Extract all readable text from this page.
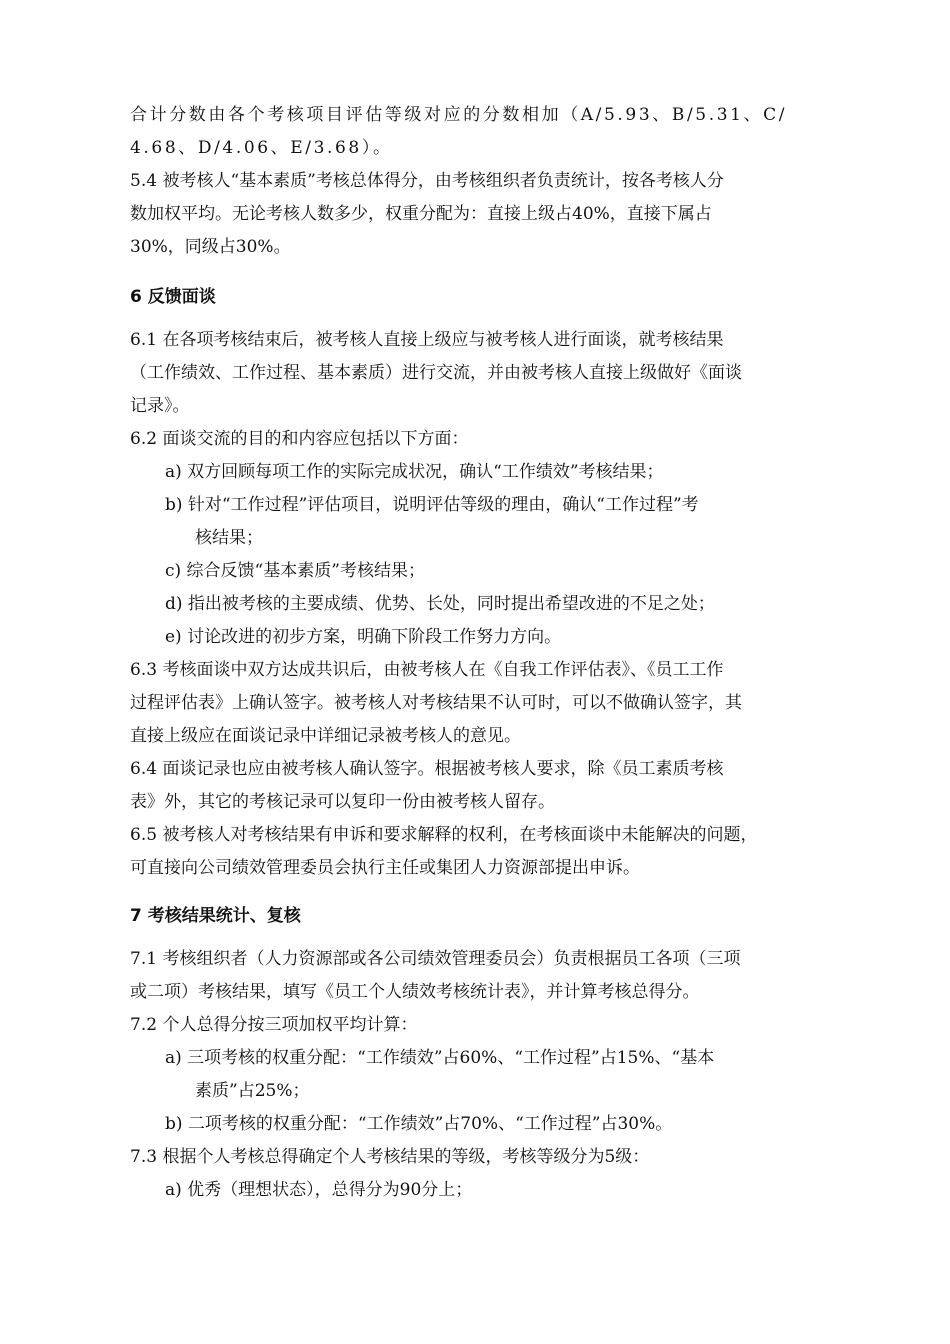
合计分数由各个考核项目评估等级对应的分数相加（A/5.93、B/5.31、C/
4.68、D/4.06、E/3.68）。
5.4 被考核人“基本素质”考核总体得分，由考核组织者负责统计，按各考核人分
数加权平均。无论考核人数多少，权重分配为：直接上级占40%，直接下属占
30%，同级占30%。
6 反馈面谈
6.1 在各项考核结束后，被考核人直接上级应与被考核人进行面谈，就考核结果
（工作绩效、工作过程、基本素质）进行交流，并由被考核人直接上级做好《面谈
记录》。
6.2 面谈交流的目的和内容应包括以下方面：
a) 双方回顾每项工作的实际完成状况，确认“工作绩效”考核结果；
b) 针对“工作过程”评估项目，说明评估等级的理由，确认“工作过程”考
核结果；
c) 综合反馈“基本素质”考核结果；
d) 指出被考核的主要成绩、优势、长处，同时提出希望改进的不足之处；
e) 讨论改进的初步方案，明确下阶段工作努力方向。
6.3 考核面谈中双方达成共识后，由被考核人在《自我工作评估表》、《员工工作
过程评估表》上确认签字。被考核人对考核结果不认可时，可以不做确认签字，其
直接上级应在面谈记录中详细记录被考核人的意见。
6.4 面谈记录也应由被考核人确认签字。根据被考核人要求，除《员工素质考核
表》外，其它的考核记录可以复印一份由被考核人留存。
6.5 被考核人对考核结果有申诉和要求解释的权利，在考核面谈中未能解决的问题，
可直接向公司绩效管理委员会执行主任或集团人力资源部提出申诉。
7 考核结果统计、复核
7.1 考核组织者（人力资源部或各公司绩效管理委员会）负责根据员工各项（三项
或二项）考核结果，填写《员工个人绩效考核统计表》，并计算考核总得分。
7.2 个人总得分按三项加权平均计算：
a) 三项考核的权重分配：“工作绩效”占60%、“工作过程”占15%、“基本
素质”占25%；
b) 二项考核的权重分配：“工作绩效”占70%、“工作过程”占30%。
7.3 根据个人考核总得确定个人考核结果的等级，考核等级分为5级：
a) 优秀（理想状态），总得分为90分上；
